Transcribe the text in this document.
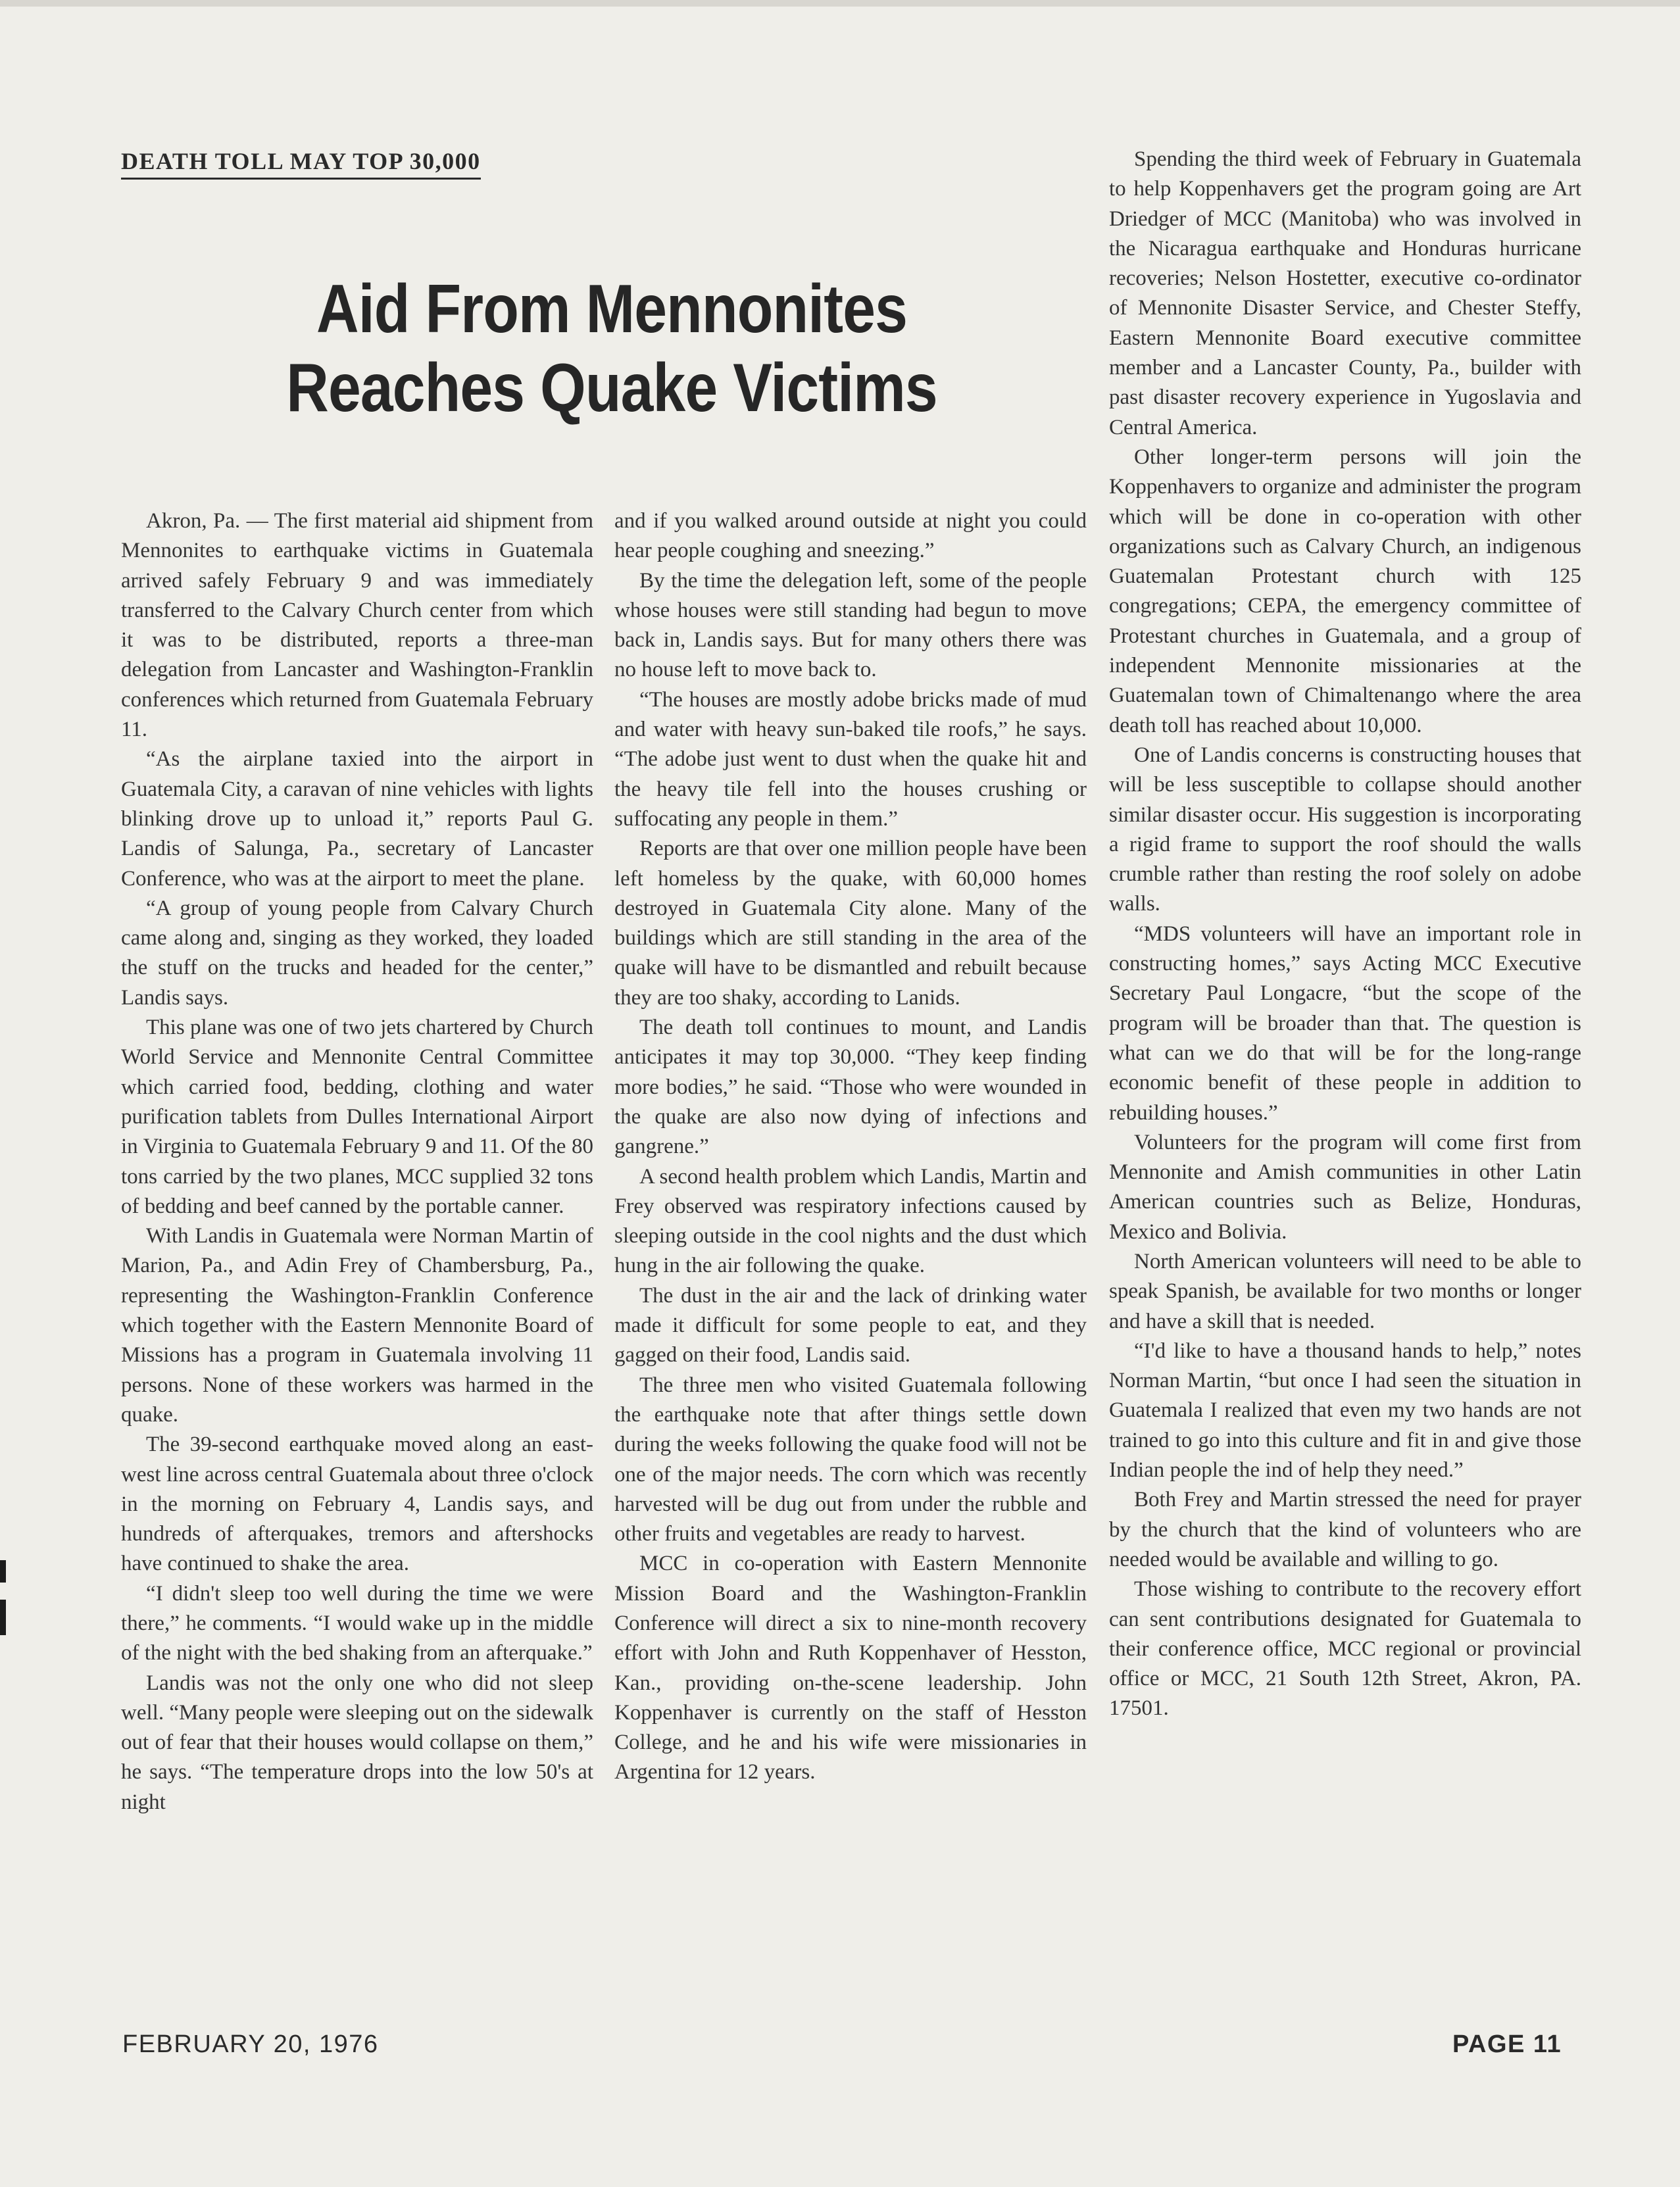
DEATH TOLL MAY TOP 30,000
Aid From Mennonites
Reaches Quake Victims

Akron, Pa. — The first material aid shipment from Mennonites to earthquake victims in Guatemala arrived safely February 9 and was immediately transferred to the Calvary Church center from which it was to be distributed, reports a three-man delegation from Lancaster and Washington-Franklin conferences which returned from Guatemala February 11.

“As the airplane taxied into the airport in Guatemala City, a caravan of nine vehicles with lights blinking drove up to unload it,” reports Paul G. Landis of Salunga, Pa., secretary of Lancaster Conference, who was at the airport to meet the plane.

“A group of young people from Calvary Church came along and, singing as they worked, they loaded the stuff on the trucks and headed for the center,” Landis says.

This plane was one of two jets chartered by Church World Service and Mennonite Central Committee which carried food, bedding, clothing and water purification tablets from Dulles International Airport in Virginia to Guatemala February 9 and 11. Of the 80 tons carried by the two planes, MCC supplied 32 tons of bedding and beef canned by the portable canner.

With Landis in Guatemala were Norman Martin of Marion, Pa., and Adin Frey of Chambersburg, Pa., representing the Washington-Franklin Conference which together with the Eastern Mennonite Board of Missions has a program in Guatemala involving 11 persons. None of these workers was harmed in the quake.

The 39-second earthquake moved along an east-west line across central Guatemala about three o'clock in the morning on February 4, Landis says, and hundreds of afterquakes, tremors and aftershocks have continued to shake the area.

“I didn't sleep too well during the time we were there,” he comments. “I would wake up in the middle of the night with the bed shaking from an afterquake.”

Landis was not the only one who did not sleep well. “Many people were sleeping out on the sidewalk out of fear that their houses would collapse on them,” he says. “The temperature drops into the low 50's at night

and if you walked around outside at night you could hear people coughing and sneezing.”

By the time the delegation left, some of the people whose houses were still standing had begun to move back in, Landis says. But for many others there was no house left to move back to.

“The houses are mostly adobe bricks made of mud and water with heavy sun-baked tile roofs,” he says. “The adobe just went to dust when the quake hit and the heavy tile fell into the houses crushing or suffocating any people in them.”

Reports are that over one million people have been left homeless by the quake, with 60,000 homes destroyed in Guatemala City alone. Many of the buildings which are still standing in the area of the quake will have to be dismantled and rebuilt because they are too shaky, according to Lanids.

The death toll continues to mount, and Landis anticipates it may top 30,000. “They keep finding more bodies,” he said. “Those who were wounded in the quake are also now dying of infections and gangrene.”

A second health problem which Landis, Martin and Frey observed was respiratory infections caused by sleeping outside in the cool nights and the dust which hung in the air following the quake.

The dust in the air and the lack of drinking water made it difficult for some people to eat, and they gagged on their food, Landis said.

The three men who visited Guatemala following the earthquake note that after things settle down during the weeks following the quake food will not be one of the major needs. The corn which was recently harvested will be dug out from under the rubble and other fruits and vegetables are ready to harvest.

MCC in co-operation with Eastern Mennonite Mission Board and the Washington-Franklin Conference will direct a six to nine-month recovery effort with John and Ruth Koppenhaver of Hesston, Kan., providing on-the-scene leadership. John Koppenhaver is currently on the staff of Hesston College, and he and his wife were missionaries in Argentina for 12 years.

Spending the third week of February in Guatemala to help Koppenhavers get the program going are Art Driedger of MCC (Manitoba) who was involved in the Nicaragua earthquake and Honduras hurricane recoveries; Nelson Hostetter, executive co-ordinator of Mennonite Disaster Service, and Chester Steffy, Eastern Mennonite Board executive committee member and a Lancaster County, Pa., builder with past disaster recovery experience in Yugoslavia and Central America.

Other longer-term persons will join the Koppenhavers to organize and administer the program which will be done in co-operation with other organizations such as Calvary Church, an indigenous Guatemalan Protestant church with 125 congregations; CEPA, the emergency committee of Protestant churches in Guatemala, and a group of independent Mennonite missionaries at the Guatemalan town of Chimaltenango where the area death toll has reached about 10,000.

One of Landis concerns is constructing houses that will be less susceptible to collapse should another similar disaster occur. His suggestion is incorporating a rigid frame to support the roof should the walls crumble rather than resting the roof solely on adobe walls.

“MDS volunteers will have an important role in constructing homes,” says Acting MCC Executive Secretary Paul Longacre, “but the scope of the program will be broader than that. The question is what can we do that will be for the long-range economic benefit of these people in addition to rebuilding houses.”

Volunteers for the program will come first from Mennonite and Amish communities in other Latin American countries such as Belize, Honduras, Mexico and Bolivia.

North American volunteers will need to be able to speak Spanish, be available for two months or longer and have a skill that is needed.

“I'd like to have a thousand hands to help,” notes Norman Martin, “but once I had seen the situation in Guatemala I realized that even my two hands are not trained to go into this culture and fit in and give those Indian people the ind of help they need.”

Both Frey and Martin stressed the need for prayer by the church that the kind of volunteers who are needed would be available and willing to go.

Those wishing to contribute to the recovery effort can sent contributions designated for Guatemala to their conference office, MCC regional or provincial office or MCC, 21 South 12th Street, Akron, PA. 17501.

FEBRUARY 20, 1976	PAGE 11
